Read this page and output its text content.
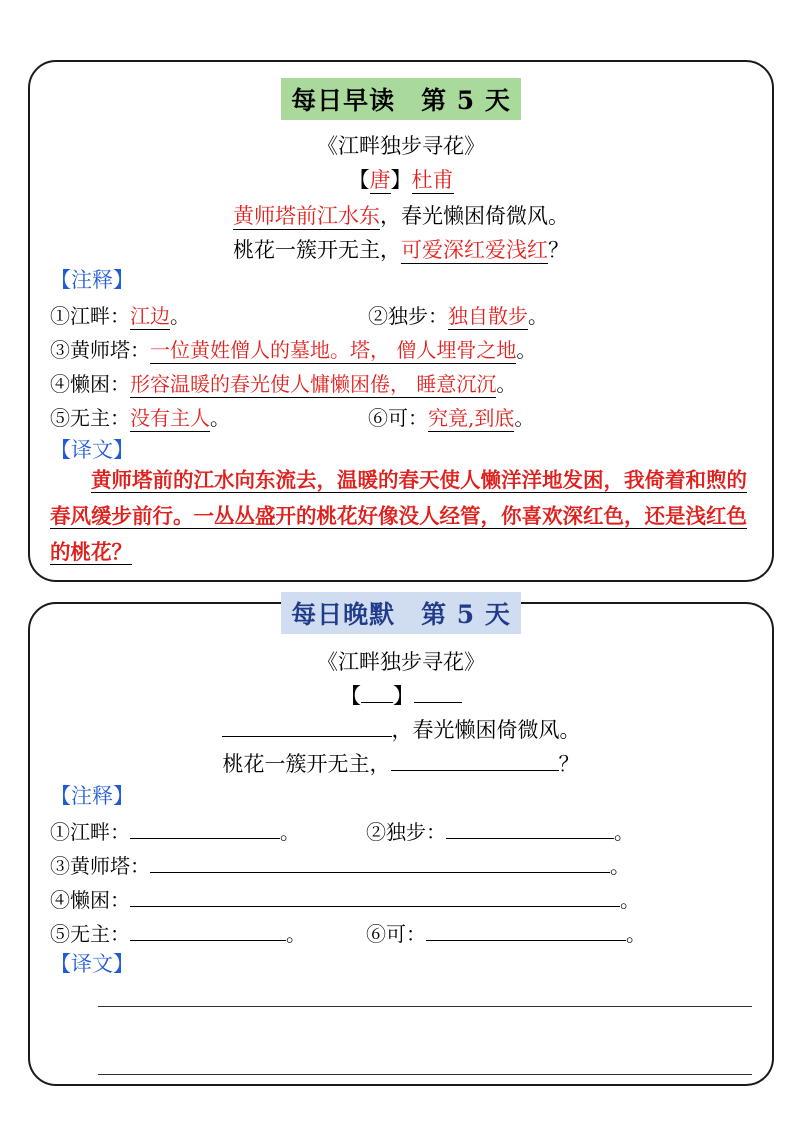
每日早读　第 5 天
《江畔独步寻花》
【唐】杜甫
黄师塔前江水东，春光懒困倚微风。
桃花一簇开无主，可爱深红爱浅红？
【注释】
①江畔：江边。	②独步：独自散步。
③黄师塔：一位黄姓僧人的墓地。塔， 僧人埋骨之地。
④懒困：形容温暖的春光使人慵懒困倦， 睡意沉沉。
⑤无主：没有主人。	⑥可：究竟,到底。
【译文】
黄师塔前的江水向东流去，温暖的春天使人懒洋洋地发困，我倚着和煦的春风缓步前行。一丛丛盛开的桃花好像没人经管，你喜欢深红色，还是浅红色的桃花？
每日晚默　第 5 天
《江畔独步寻花》
【 】
，春光懒困倚微风。
桃花一簇开无主，	？
【注释】
①江畔：	。	②独步：	。
③黄师塔：	。
④懒困：	。
⑤无主：	。	⑥可：	。
【译文】
